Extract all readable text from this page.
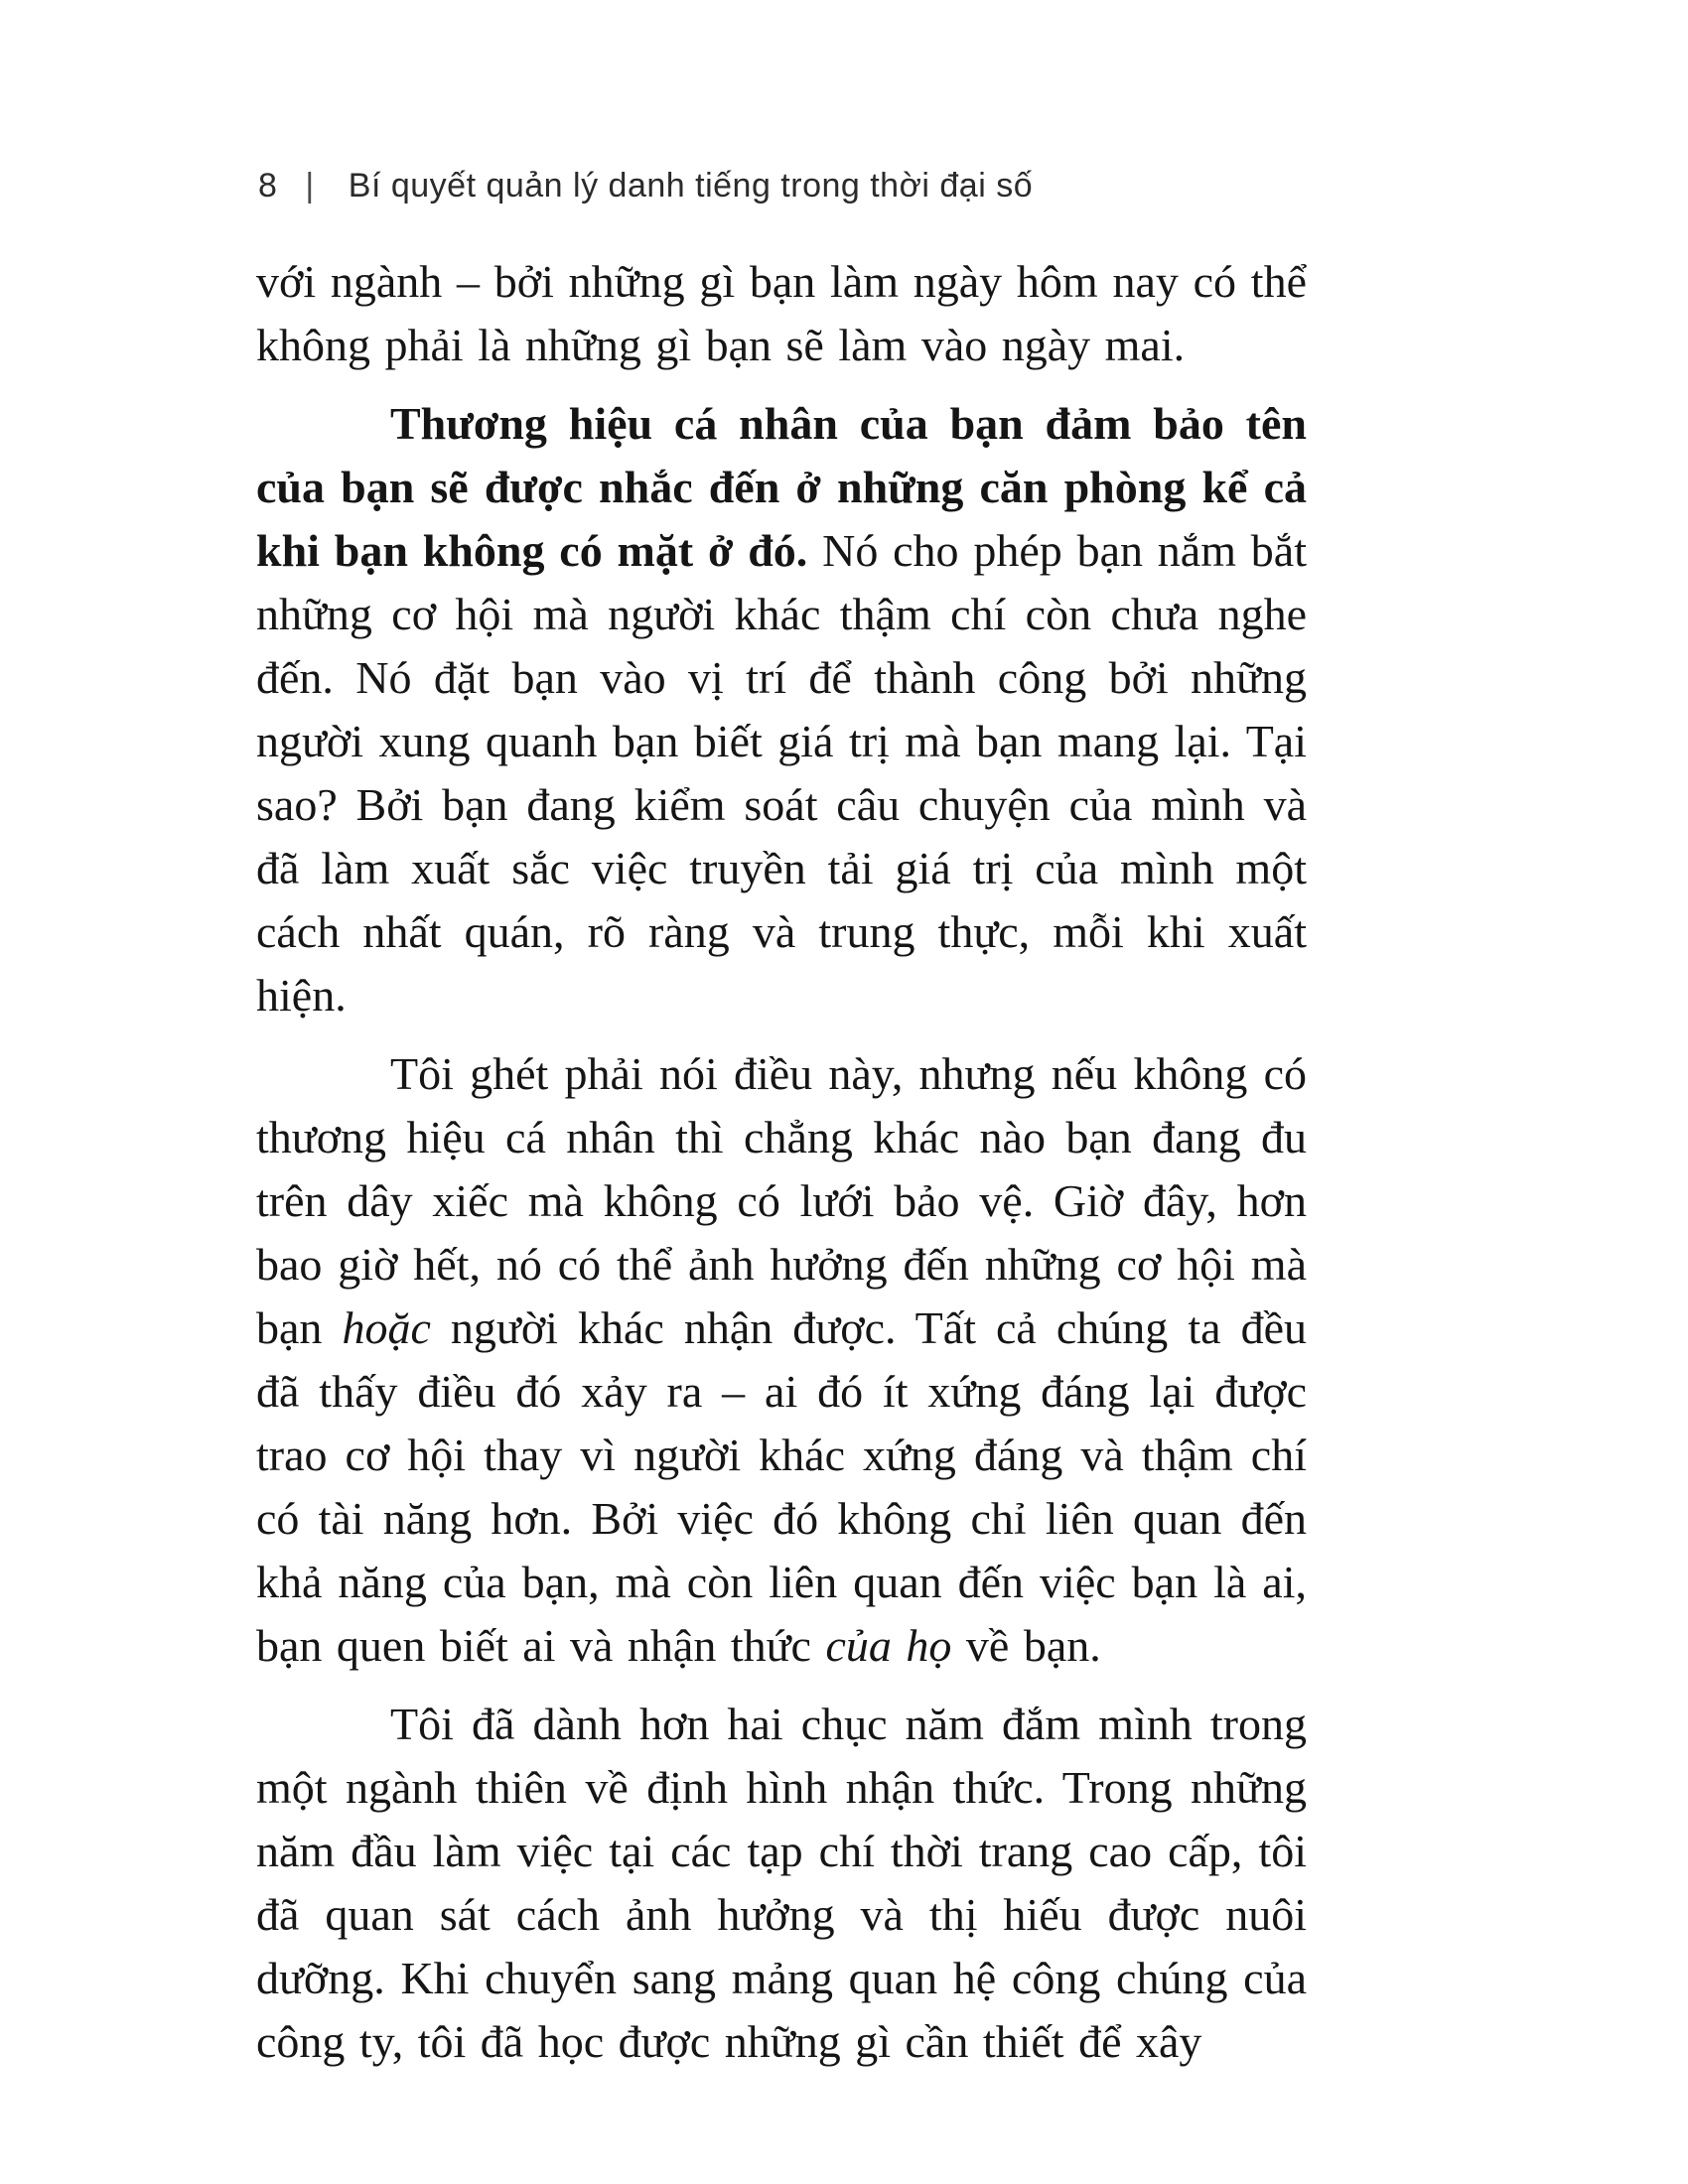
8 | Bí quyết quản lý danh tiếng trong thời đại số

với ngành – bởi những gì bạn làm ngày hôm nay có thể không phải là những gì bạn sẽ làm vào ngày mai.

Thương hiệu cá nhân của bạn đảm bảo tên của bạn sẽ được nhắc đến ở những căn phòng kể cả khi bạn không có mặt ở đó. Nó cho phép bạn nắm bắt những cơ hội mà người khác thậm chí còn chưa nghe đến. Nó đặt bạn vào vị trí để thành công bởi những người xung quanh bạn biết giá trị mà bạn mang lại. Tại sao? Bởi bạn đang kiểm soát câu chuyện của mình và đã làm xuất sắc việc truyền tải giá trị của mình một cách nhất quán, rõ ràng và trung thực, mỗi khi xuất hiện.

Tôi ghét phải nói điều này, nhưng nếu không có thương hiệu cá nhân thì chẳng khác nào bạn đang đu trên dây xiếc mà không có lưới bảo vệ. Giờ đây, hơn bao giờ hết, nó có thể ảnh hưởng đến những cơ hội mà bạn hoặc người khác nhận được. Tất cả chúng ta đều đã thấy điều đó xảy ra – ai đó ít xứng đáng lại được trao cơ hội thay vì người khác xứng đáng và thậm chí có tài năng hơn. Bởi việc đó không chỉ liên quan đến khả năng của bạn, mà còn liên quan đến việc bạn là ai, bạn quen biết ai và nhận thức của họ về bạn.

Tôi đã dành hơn hai chục năm đắm mình trong một ngành thiên về định hình nhận thức. Trong những năm đầu làm việc tại các tạp chí thời trang cao cấp, tôi đã quan sát cách ảnh hưởng và thị hiếu được nuôi dưỡng. Khi chuyển sang mảng quan hệ công chúng của công ty, tôi đã học được những gì cần thiết để xây
